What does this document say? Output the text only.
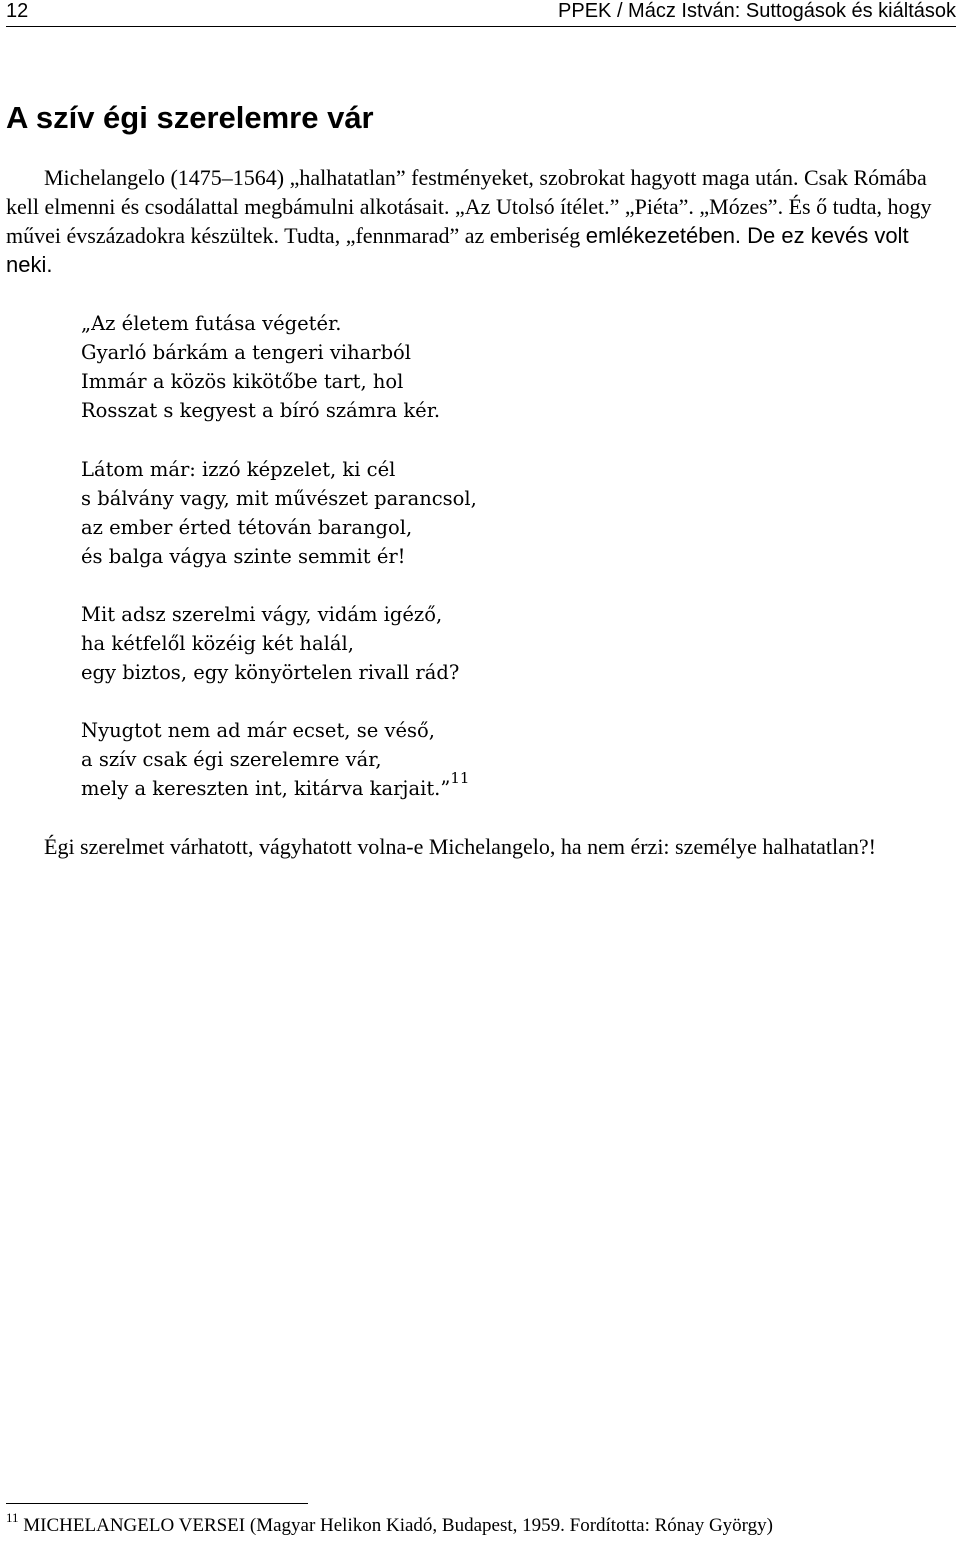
12	PPEK / Mácz István: Suttogások és kiáltások
A szív égi szerelemre vár

Michelangelo (1475–1564) „halhatatlan” festményeket, szobrokat hagyott maga után. Csak Rómába kell elmenni és csodálattal megbámulni alkotásait. „Az Utolsó ítélet.” „Piéta”. „Mózes”. És ő tudta, hogy művei évszázadokra készültek. Tudta, „fennmarad” az emberiség emlékezetében. De ez kevés volt neki.

„Az életem futása végetér.
Gyarló bárkám a tengeri viharból
Immár a közös kikötőbe tart, hol
Rosszat s kegyest a bíró számra kér.
Látom már: izzó képzelet, ki cél
s bálvány vagy, mit művészet parancsol,
az ember érted tétován barangol,
és balga vágya szinte semmit ér!
Mit adsz szerelmi vágy, vidám igéző,
ha kétfelől közéig két halál,
egy biztos, egy könyörtelen rivall rád?
Nyugtot nem ad már ecset, se véső,
a szív csak égi szerelemre vár,
mely a kereszten int, kitárva karjait.”$^{11}$

Égi szerelmet várhatott, vágyhatott volna-e Michelangelo, ha nem érzi: személye halhatatlan?!

$^{11}$ MICHELANGELO VERSEI (Magyar Helikon Kiadó, Budapest, 1959. Fordította: Rónay György)
